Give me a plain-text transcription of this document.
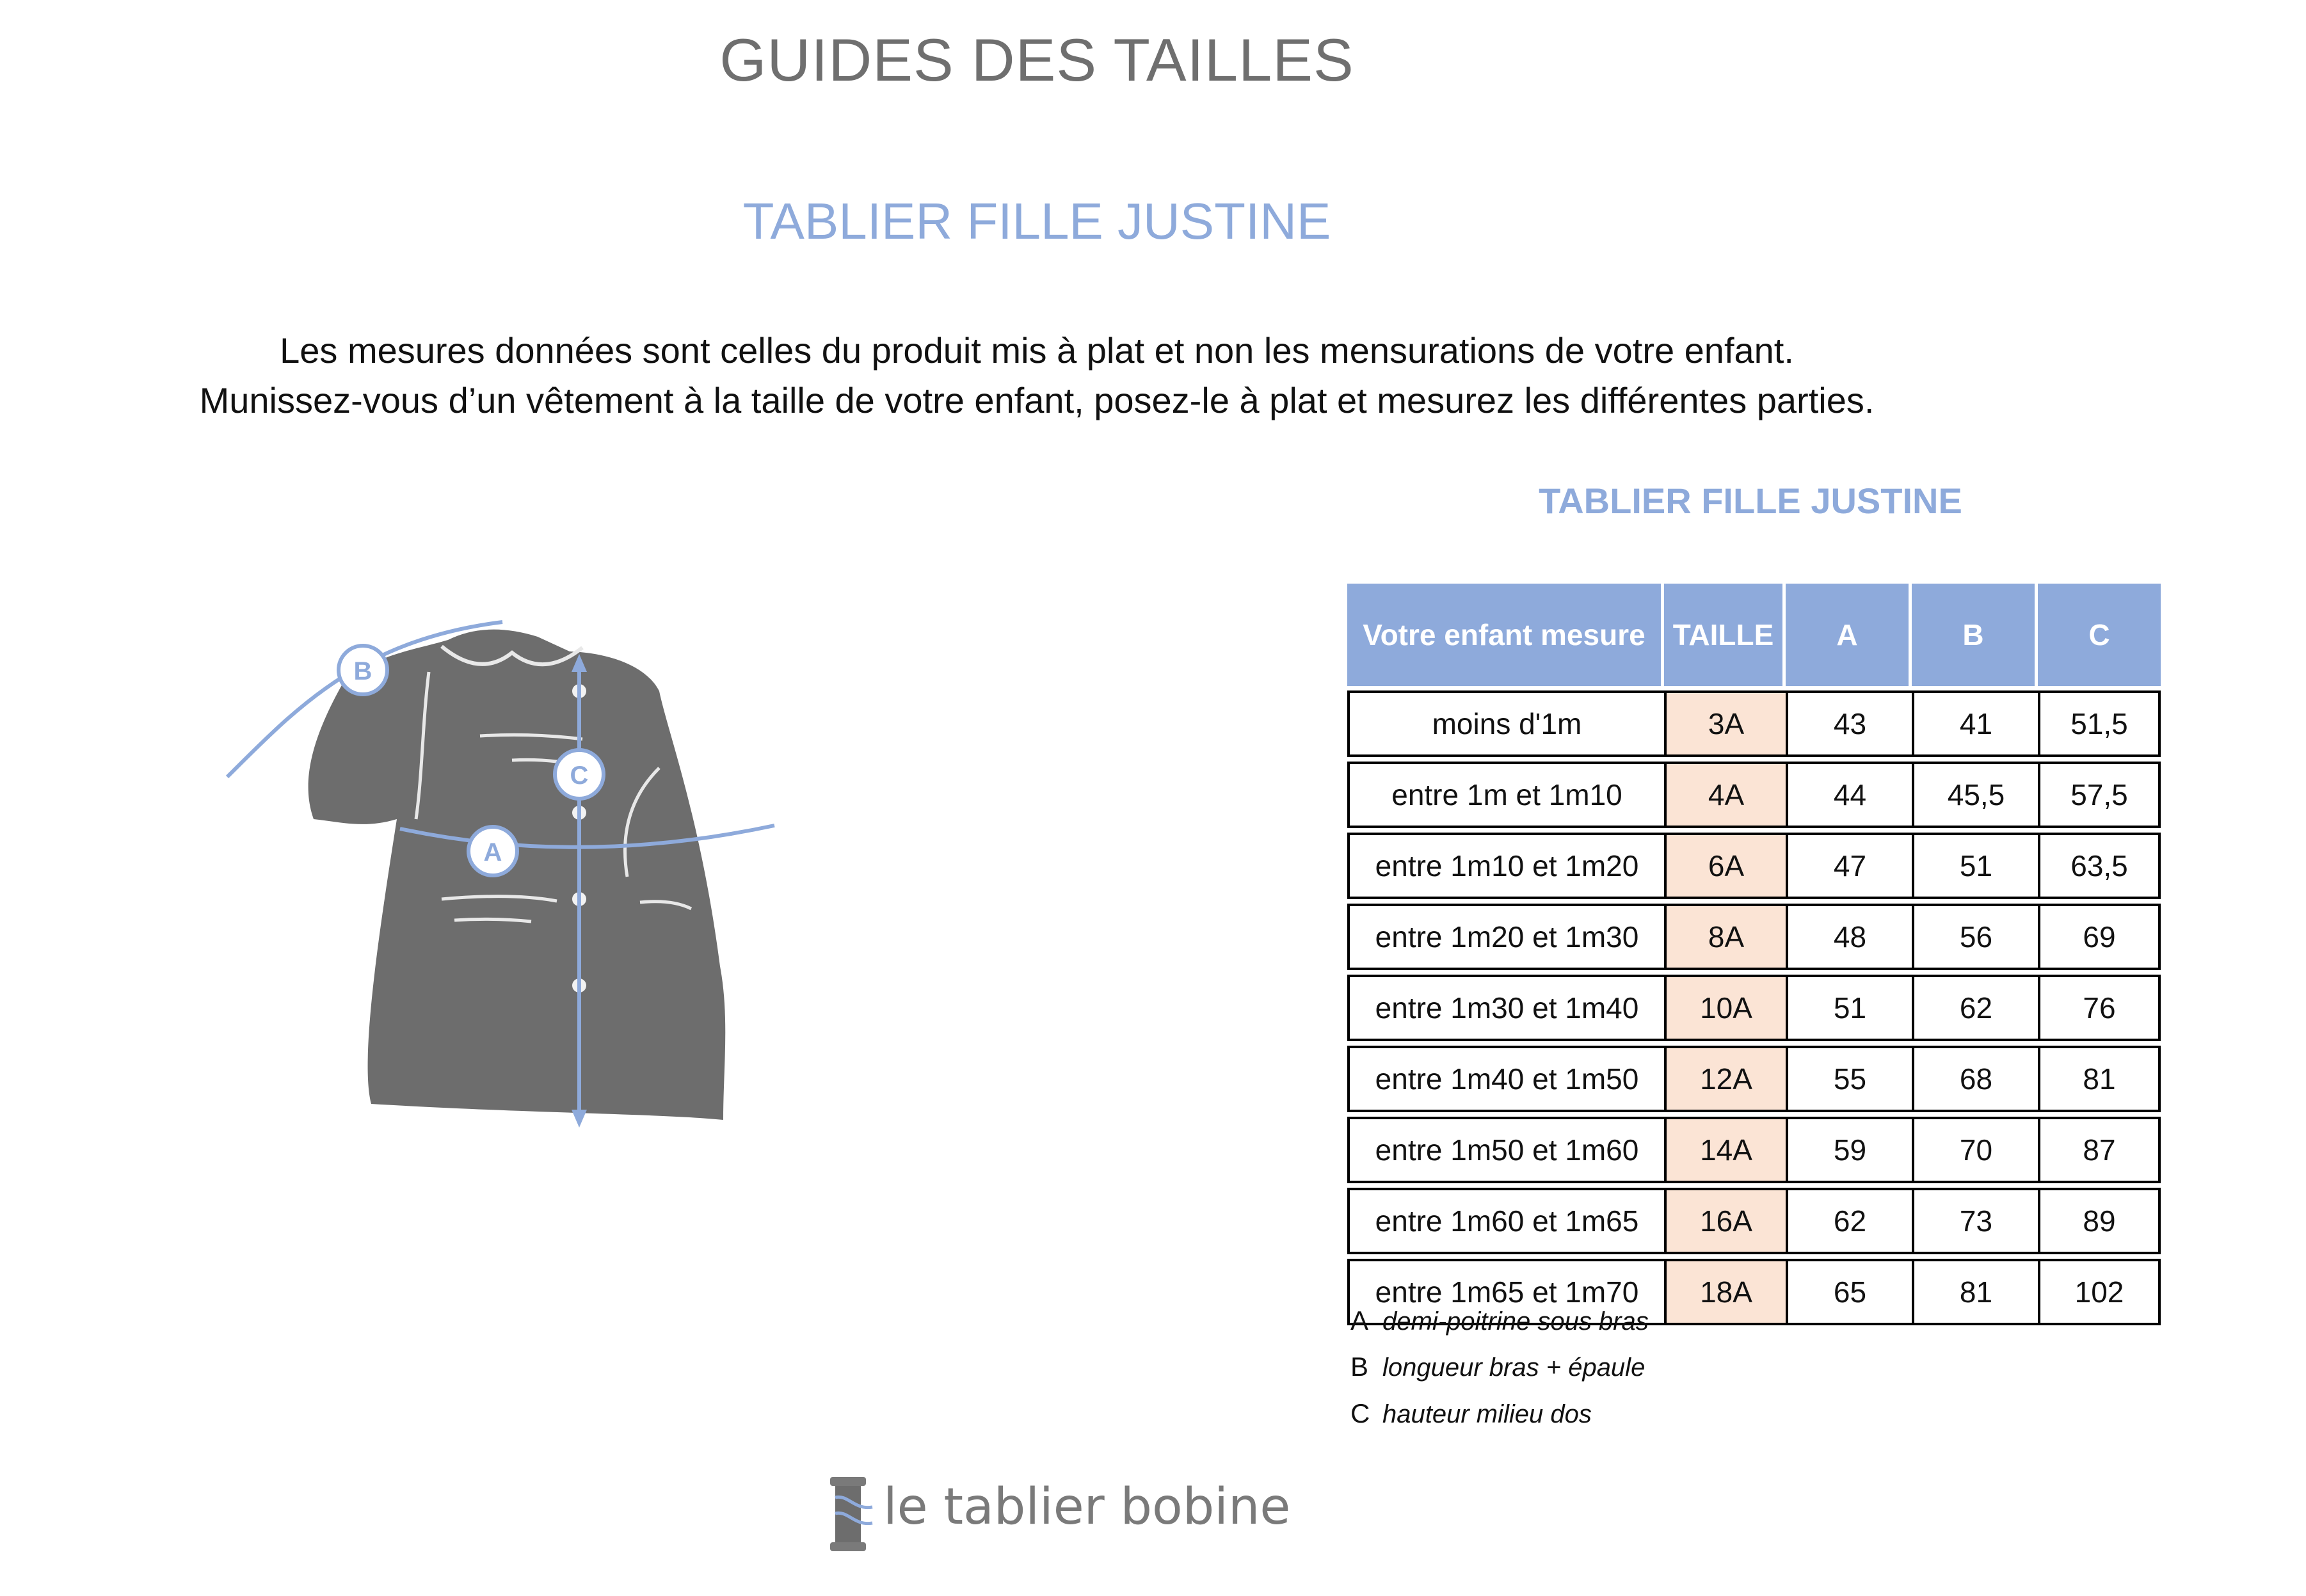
GUIDES DES TAILLES
TABLIER FILLE JUSTINE
Les mesures données sont celles du produit mis à plat et non les mensurations de votre enfant.
Munissez-vous d’un vêtement à la taille de votre enfant, posez-le à plat et mesurez les différentes parties.
B
C
A
TABLIER FILLE JUSTINE
Votre enfant mesure	TAILLE	A	B	C
moins d'1m	3A	43	41	51,5
entre 1m et 1m10	4A	44	45,5	57,5
entre 1m10 et 1m20	6A	47	51	63,5
entre 1m20 et 1m30	8A	48	56	69
entre 1m30 et 1m40	10A	51	62	76
entre 1m40 et 1m50	12A	55	68	81
entre 1m50 et 1m60	14A	59	70	87
entre 1m60 et 1m65	16A	62	73	89
entre 1m65 et 1m70	18A	65	81	102
A demi-poitrine sous bras
B longueur bras + épaule
C hauteur milieu dos
le tablier bobine
